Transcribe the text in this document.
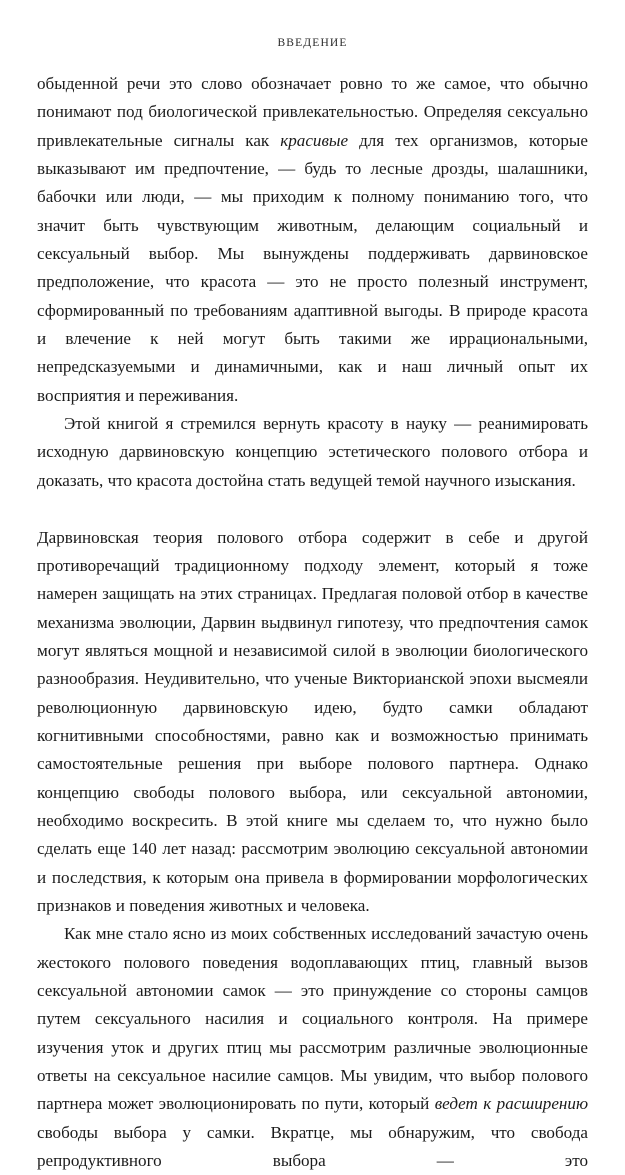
ВВЕДЕНИЕ

обыденной речи это слово обозначает ровно то же самое, что обычно понимают под биологической привлекательностью. Определяя сексуально привлекательные сигналы как красивые для тех организмов, которые выказывают им предпочтение, — будь то лесные дрозды, шалашники, бабочки или люди, — мы приходим к полному пониманию того, что значит быть чувствующим животным, делающим социальный и сексуальный выбор. Мы вынуждены поддерживать дарвиновское предположение, что красота — это не просто полезный инструмент, сформированный по требованиям адаптивной выгоды. В природе красота и влечение к ней могут быть такими же иррациональными, непредсказуемыми и динамичными, как и наш личный опыт их восприятия и переживания.

Этой книгой я стремился вернуть красоту в науку — реанимировать исходную дарвиновскую концепцию эстетического полового отбора и доказать, что красота достойна стать ведущей темой научного изыскания.

Дарвиновская теория полового отбора содержит в себе и другой противоречащий традиционному подходу элемент, который я тоже намерен защищать на этих страницах. Предлагая половой отбор в качестве механизма эволюции, Дарвин выдвинул гипотезу, что предпочтения самок могут являться мощной и независимой силой в эволюции биологического разнообразия. Неудивительно, что ученые Викторианской эпохи высмеяли революционную дарвиновскую идею, будто самки обладают когнитивными способностями, равно как и возможностью принимать самостоятельные решения при выборе полового партнера. Однако концепцию свободы полового выбора, или сексуальной автономии, необходимо воскресить. В этой книге мы сделаем то, что нужно было сделать еще 140 лет назад: рассмотрим эволюцию сексуальной автономии и последствия, к которым она привела в формировании морфологических признаков и поведения животных и человека.

Как мне стало ясно из моих собственных исследований зачастую очень жестокого полового поведения водоплавающих птиц, главный вызов сексуальной автономии самок — это принуждение со стороны самцов путем сексуального насилия и социального контроля. На примере изучения уток и других птиц мы рассмотрим различные эволюционные ответы на сексуальное насилие самцов. Мы увидим, что выбор полового партнера может эволюционировать по пути, который ведет к расширению свободы выбора у самки. Вкратце, мы обнаружим, что свобода репродуктивного выбора — это
